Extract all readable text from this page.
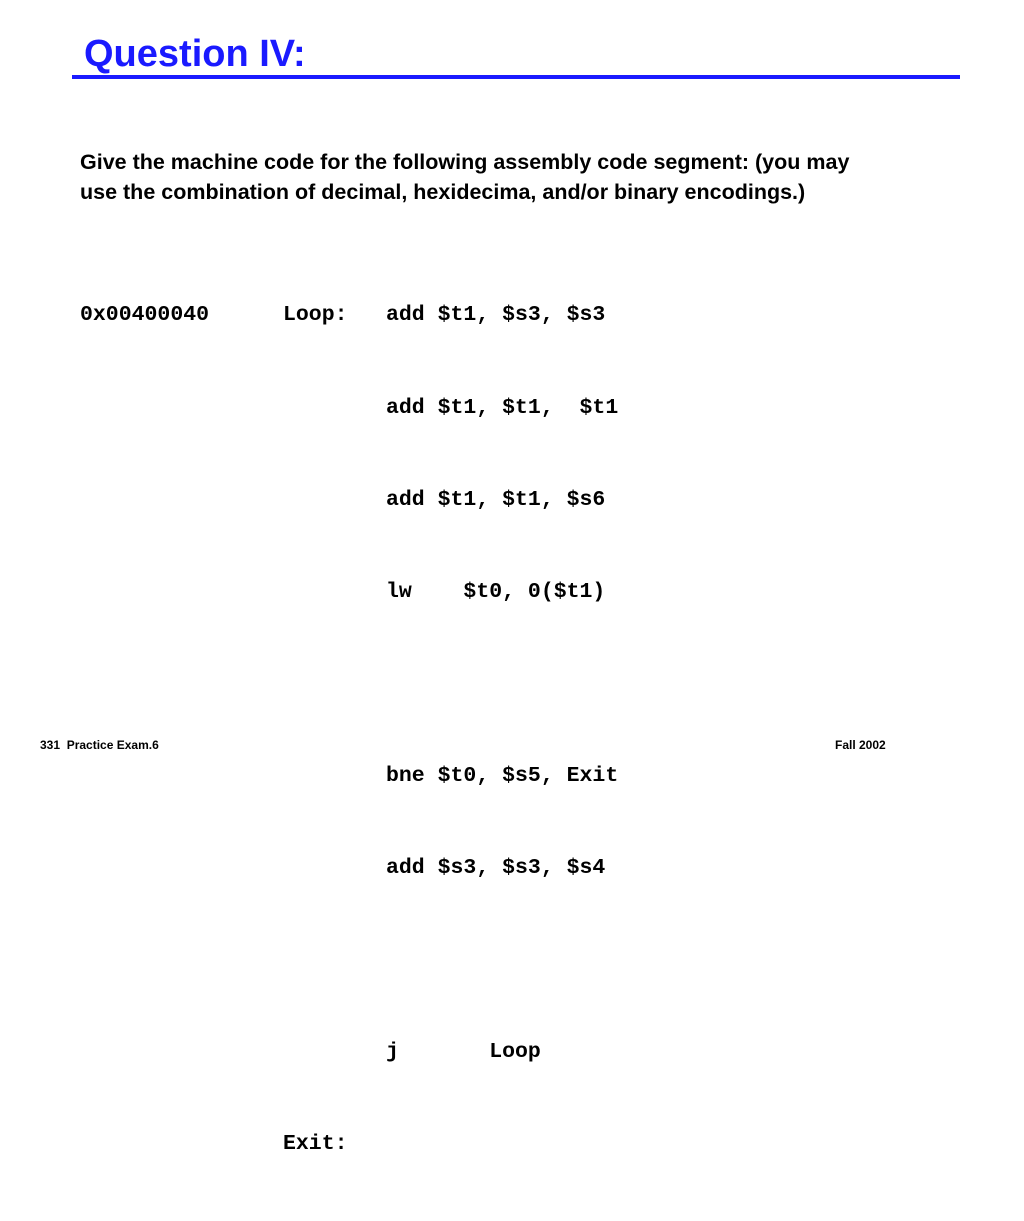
Question IV:
Give the machine code for the following assembly code segment: (you may
use the combination of decimal, hexidecima, and/or binary encodings.)

0x00400040	Loop: add $t1, $s3, $s3

add $t1, $t1,  $t1

add $t1, $t1, $s6

lw    $t0, 0($t1)

bne $t0, $s5, Exit

add $s3, $s3, $s4

j       Loop

Exit:

331  Practice Exam.6	Fall 2002
